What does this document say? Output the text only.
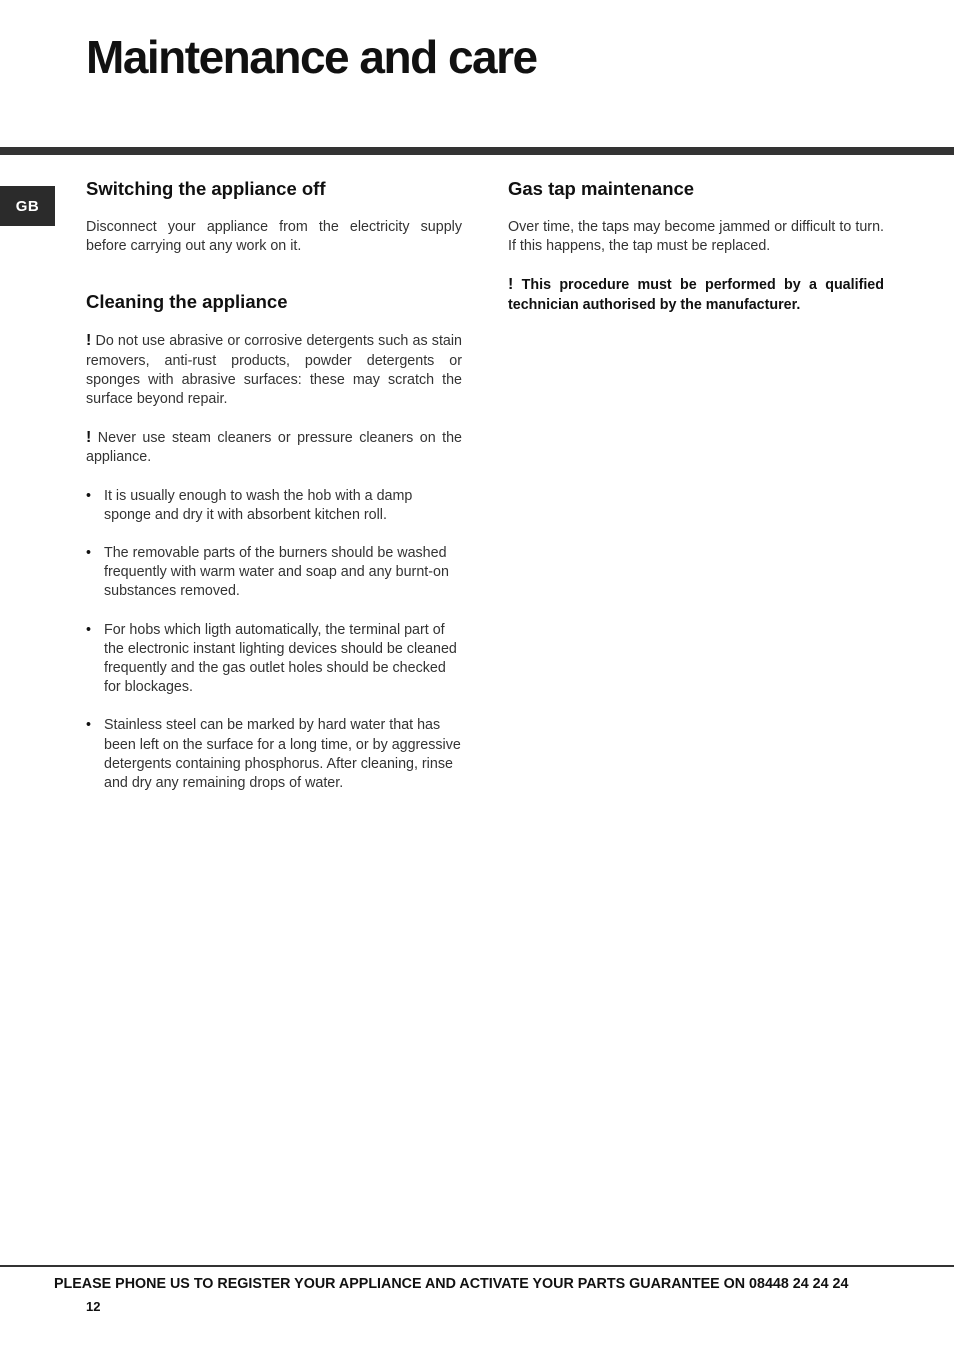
Maintenance and care
GB
Switching the appliance off

Disconnect your appliance from the electricity supply before carrying out any work on it.

Cleaning the appliance

! Do not use abrasive or corrosive detergents such as stain removers, anti-rust products, powder detergents or sponges with abrasive surfaces: these may scratch the surface beyond repair.

! Never use steam cleaners or pressure cleaners on the appliance.

• It is usually enough to wash the hob with a damp sponge and dry it with absorbent kitchen roll.
• The removable parts of the burners should be washed frequently with warm water and soap and any burnt-on substances removed.
• For hobs which ligth automatically, the terminal part of the electronic instant lighting devices should be cleaned frequently and the gas outlet holes should be checked for blockages.
• Stainless steel can be marked by hard water that has been left on the surface for a long time, or by aggressive detergents containing phosphorus. After cleaning, rinse and dry any remaining drops of water.
Gas tap maintenance

Over time, the taps may become jammed or difficult to turn. If this happens, the tap must be replaced.

! This procedure must be performed by a qualified technician authorised by the manufacturer.

PLEASE PHONE US TO REGISTER YOUR APPLIANCE AND ACTIVATE YOUR PARTS GUARANTEE ON 08448 24 24 24
12
